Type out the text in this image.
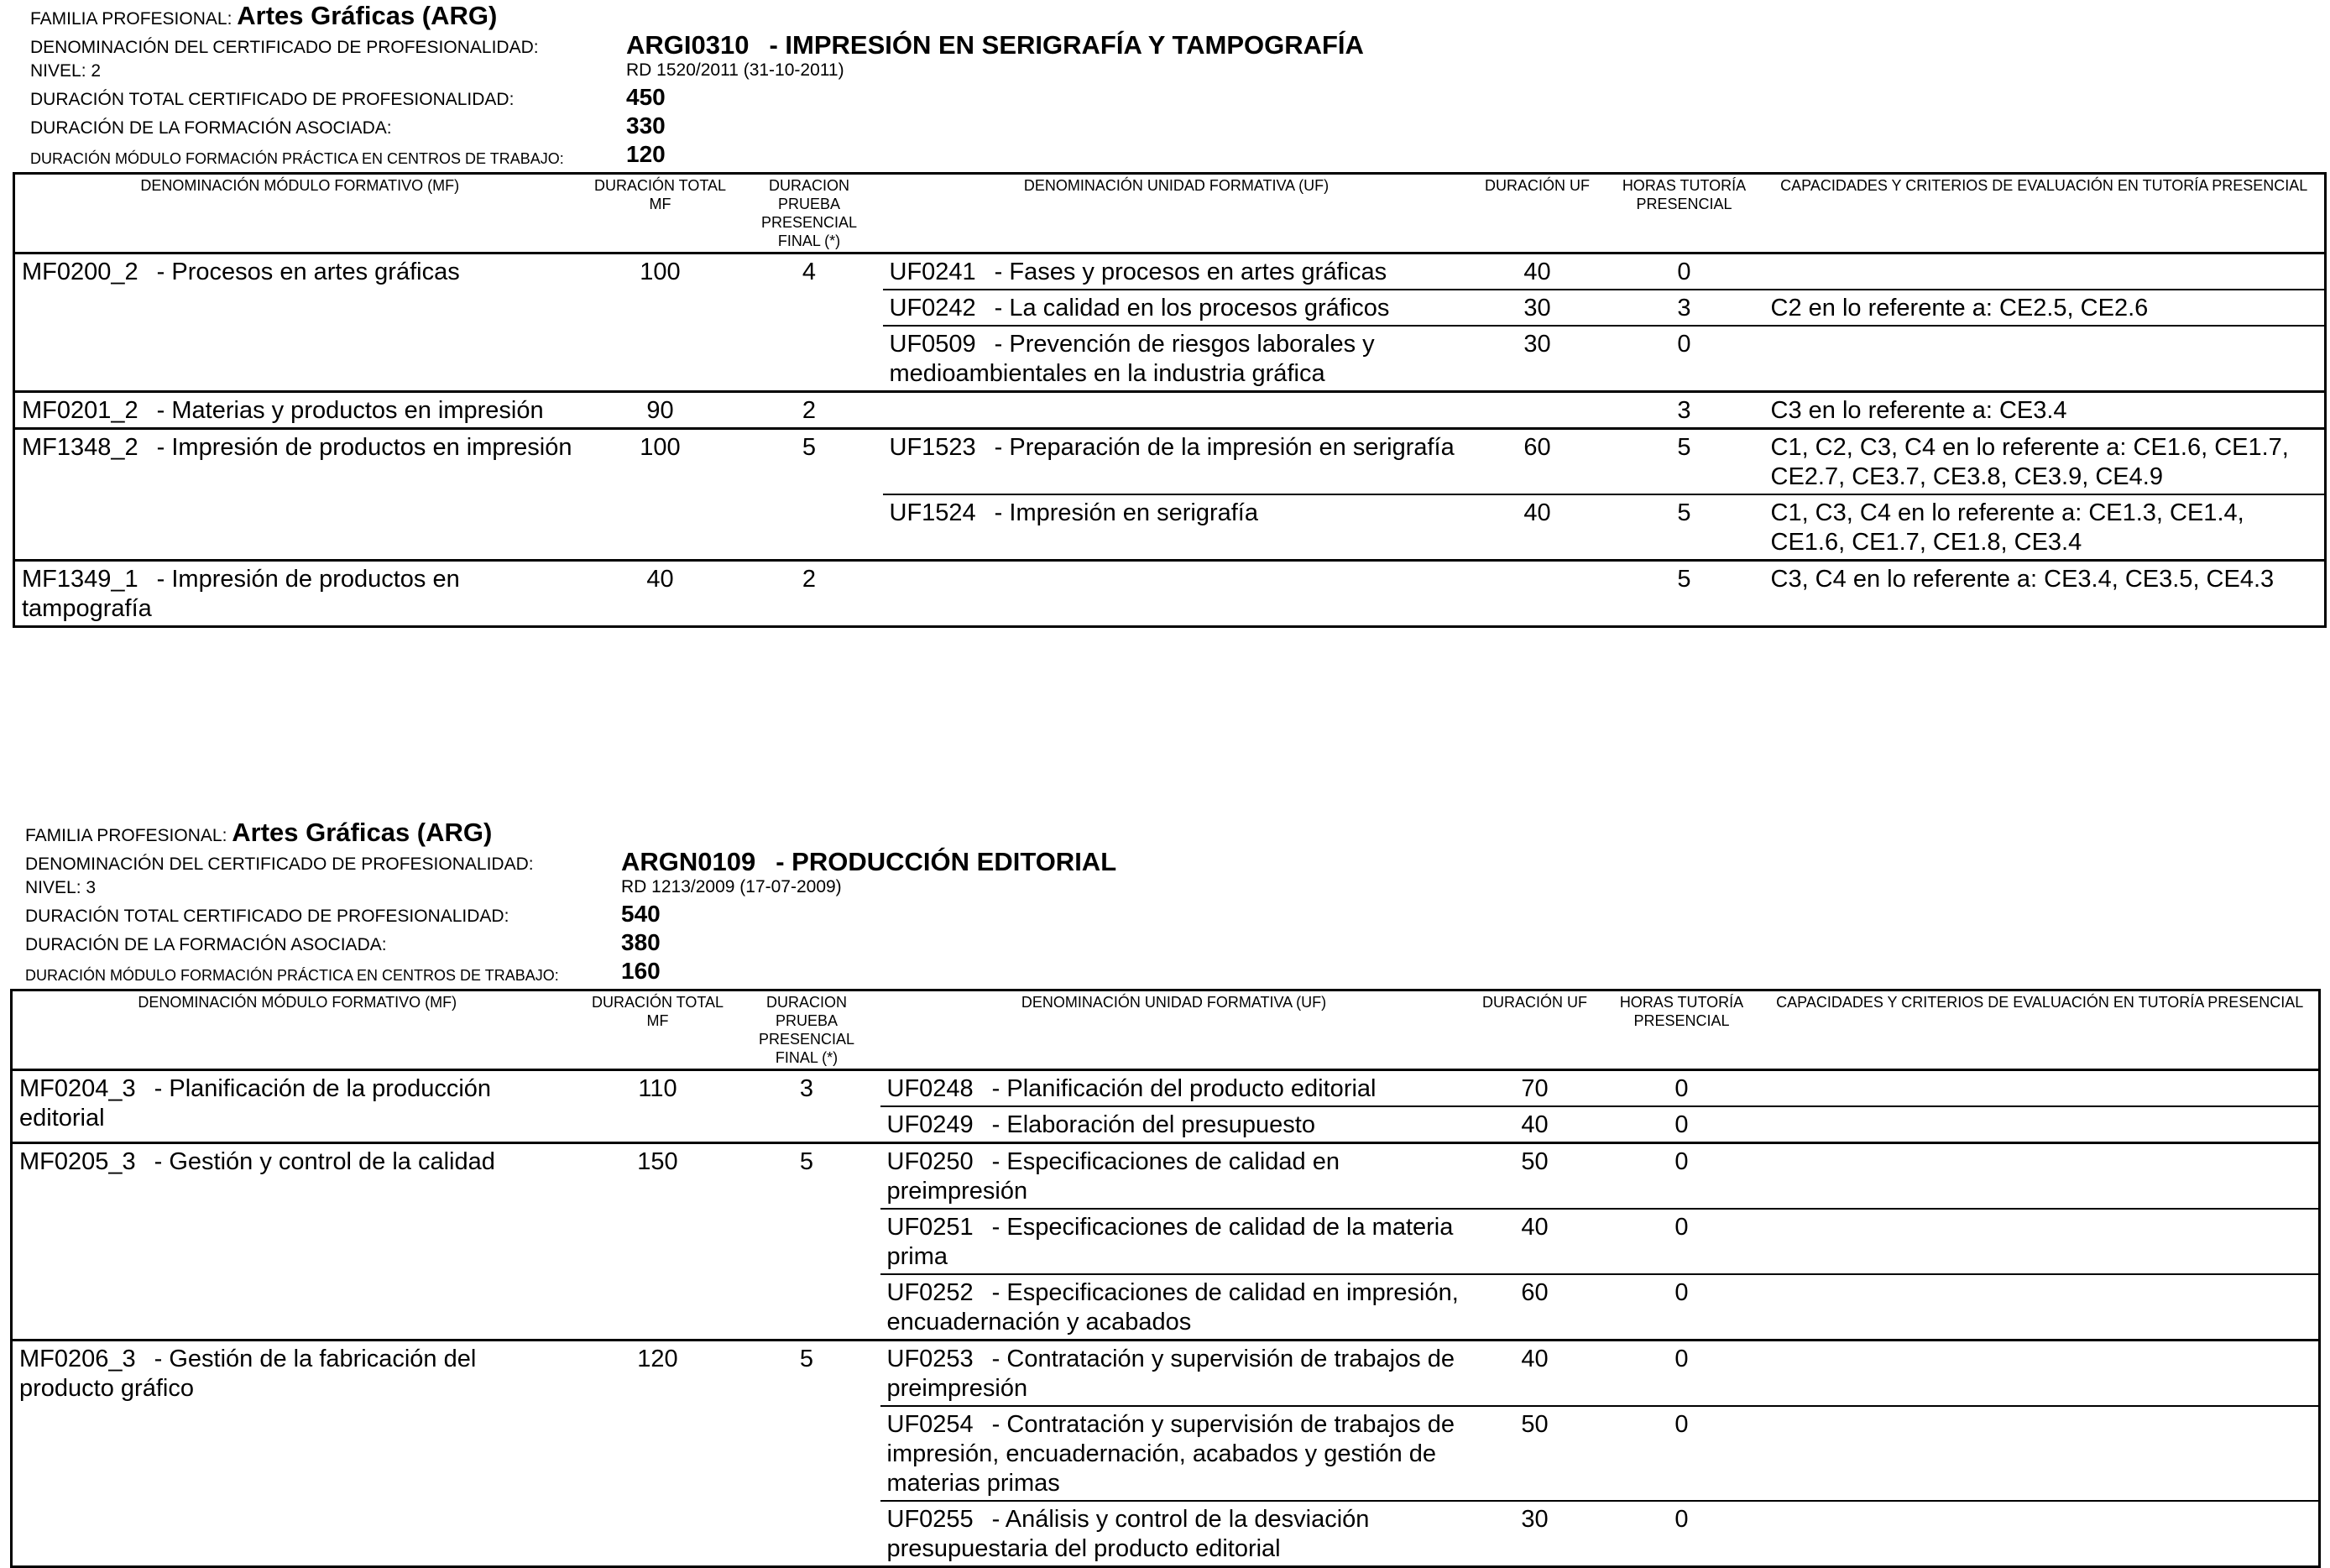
FAMILIA PROFESIONAL: Artes Gráficas (ARG)
DENOMINACIÓN DEL CERTIFICADO DE PROFESIONALIDAD:	ARGI0310 - IMPRESIÓN EN SERIGRAFÍA Y TAMPOGRAFÍA
NIVEL: 2	RD 1520/2011 (31-10-2011)
DURACIÓN TOTAL CERTIFICADO DE PROFESIONALIDAD:	450
DURACIÓN DE LA FORMACIÓN ASOCIADA:	330
DURACIÓN MÓDULO FORMACIÓN PRÁCTICA EN CENTROS DE TRABAJO:	120
DENOMINACIÓN MÓDULO FORMATIVO (MF)	DURACIÓN TOTAL MF	DURACION PRUEBA PRESENCIAL FINAL (*)	DENOMINACIÓN UNIDAD FORMATIVA (UF)	DURACIÓN UF	HORAS TUTORÍA PRESENCIAL	CAPACIDADES Y CRITERIOS DE EVALUACIÓN EN TUTORÍA PRESENCIAL
MF0200_2 - Procesos en artes gráficas	100	4	UF0241 - Fases y procesos en artes gráficas	40	0	
			UF0242 - La calidad en los procesos gráficos	30	3	C2 en lo referente a: CE2.5, CE2.6
			UF0509 - Prevención de riesgos laborales y medioambientales en la industria gráfica	30	0	
MF0201_2 - Materias y productos en impresión	90	2			3	C3 en lo referente a: CE3.4
MF1348_2 - Impresión de productos en impresión	100	5	UF1523 - Preparación de la impresión en serigrafía	60	5	C1, C2, C3, C4 en lo referente a: CE1.6, CE1.7, CE2.7, CE3.7, CE3.8, CE3.9, CE4.9
			UF1524 - Impresión en serigrafía	40	5	C1, C3, C4 en lo referente a: CE1.3, CE1.4, CE1.6, CE1.7, CE1.8, CE3.4
MF1349_1 - Impresión de productos en tampografía	40	2			5	C3, C4 en lo referente a: CE3.4, CE3.5, CE4.3
FAMILIA PROFESIONAL: Artes Gráficas (ARG)
DENOMINACIÓN DEL CERTIFICADO DE PROFESIONALIDAD:	ARGN0109 - PRODUCCIÓN EDITORIAL
NIVEL: 3	RD 1213/2009 (17-07-2009)
DURACIÓN TOTAL CERTIFICADO DE PROFESIONALIDAD:	540
DURACIÓN DE LA FORMACIÓN ASOCIADA:	380
DURACIÓN MÓDULO FORMACIÓN PRÁCTICA EN CENTROS DE TRABAJO:	160
DENOMINACIÓN MÓDULO FORMATIVO (MF)	DURACIÓN TOTAL MF	DURACION PRUEBA PRESENCIAL FINAL (*)	DENOMINACIÓN UNIDAD FORMATIVA (UF)	DURACIÓN UF	HORAS TUTORÍA PRESENCIAL	CAPACIDADES Y CRITERIOS DE EVALUACIÓN EN TUTORÍA PRESENCIAL
MF0204_3 - Planificación de la producción editorial	110	3	UF0248 - Planificación del producto editorial	70	0	
			UF0249 - Elaboración del presupuesto	40	0	
MF0205_3 - Gestión y control de la calidad	150	5	UF0250 - Especificaciones de calidad en preimpresión	50	0	
			UF0251 - Especificaciones de calidad de la materia prima	40	0	
			UF0252 - Especificaciones de calidad en impresión, encuadernación y acabados	60	0	
MF0206_3 - Gestión de la fabricación del producto gráfico	120	5	UF0253 - Contratación y supervisión de trabajos de preimpresión	40	0	
			UF0254 - Contratación y supervisión de trabajos de impresión, encuadernación, acabados y gestión de materias primas	50	0	
			UF0255 - Análisis y control de la desviación presupuestaria del producto editorial	30	0	
